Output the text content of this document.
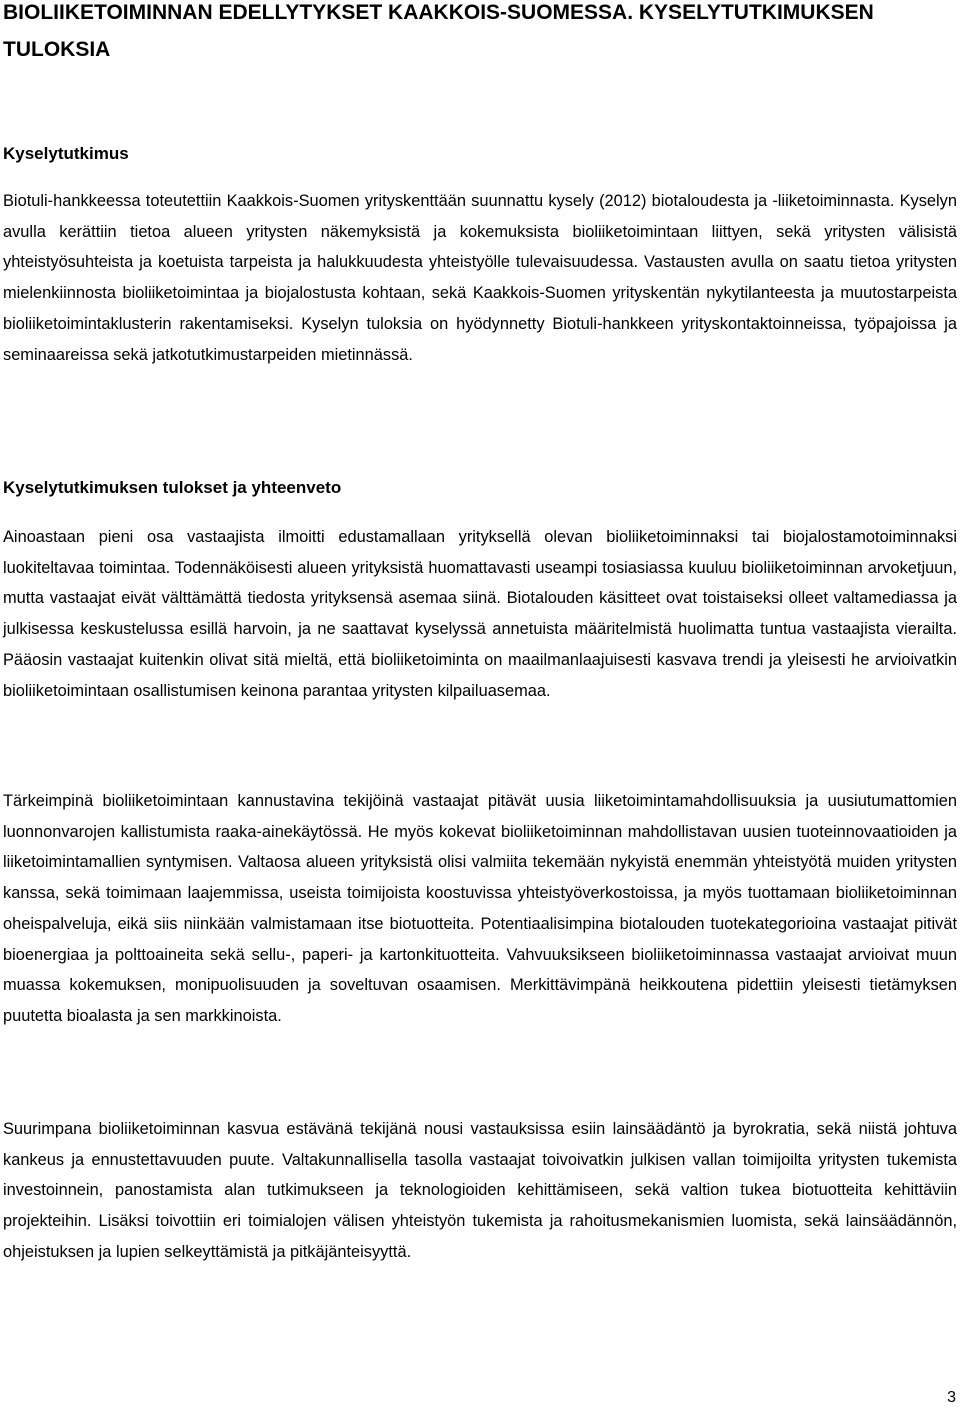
BIOLIIKETOIMINNAN EDELLYTYKSET KAAKKOIS-SUOMESSA. KYSELYTUTKIMUKSEN TULOKSIA
Kyselytutkimus

Biotuli-hankkeessa toteutettiin Kaakkois-Suomen yrityskenttään suunnattu kysely (2012) biotaloudesta ja -liiketoiminnasta. Kyselyn avulla kerättiin tietoa alueen yritysten näkemyksistä ja kokemuksista bioliiketoimintaan liittyen, sekä yritysten välisistä yhteistyösuhteista ja koetuista tarpeista ja halukkuudesta yhteistyölle tulevaisuudessa. Vastausten avulla on saatu tietoa yritysten mielenkiinnosta bioliiketoimintaa ja biojalostusta kohtaan, sekä Kaakkois-Suomen yrityskentän nykytilanteesta ja muutostarpeista bioliiketoimintaklusterin rakentamiseksi. Kyselyn tuloksia on hyödynnetty Biotuli-hankkeen yrityskontaktoinneissa, työpajoissa ja seminaareissa sekä jatkotutkimustarpeiden mietinnässä.

Kyselytutkimuksen tulokset ja yhteenveto

Ainoastaan pieni osa vastaajista ilmoitti edustamallaan yrityksellä olevan bioliiketoiminnaksi tai biojalostamotoiminnaksi luokiteltavaa toimintaa. Todennäköisesti alueen yrityksistä huomattavasti useampi tosiasiassa kuuluu bioliiketoiminnan arvoketjuun, mutta vastaajat eivät välttämättä tiedosta yrityksensä asemaa siinä. Biotalouden käsitteet ovat toistaiseksi olleet valtamediassa ja julkisessa keskustelussa esillä harvoin, ja ne saattavat kyselyssä annetuista määritelmistä huolimatta tuntua vastaajista vierailta. Pääosin vastaajat kuitenkin olivat sitä mieltä, että bioliiketoiminta on maailmanlaajuisesti kasvava trendi ja yleisesti he arvioivatkin bioliiketoimintaan osallistumisen keinona parantaa yritysten kilpailuasemaa.

Tärkeimpinä bioliiketoimintaan kannustavina tekijöinä vastaajat pitävät uusia liiketoimintamahdollisuuksia ja uusiutumattomien luonnonvarojen kallistumista raaka-ainekäytössä. He myös kokevat bioliiketoiminnan mahdollistavan uusien tuoteinnovaatioiden ja liiketoimintamallien syntymisen. Valtaosa alueen yrityksistä olisi valmiita tekemään nykyistä enemmän yhteistyötä muiden yritysten kanssa, sekä toimimaan laajemmissa, useista toimijoista koostuvissa yhteistyöverkostoissa, ja myös tuottamaan bioliiketoiminnan oheispalveluja, eikä siis niinkään valmistamaan itse biotuotteita. Potentiaalisimpina biotalouden tuotekategorioina vastaajat pitivät bioenergiaa ja polttoaineita sekä sellu-, paperi- ja kartonkituotteita. Vahvuuksikseen bioliiketoiminnassa vastaajat arvioivat muun muassa kokemuksen, monipuolisuuden ja soveltuvan osaamisen. Merkittävimpänä heikkoutena pidettiin yleisesti tietämyksen puutetta bioalasta ja sen markkinoista.

Suurimpana bioliiketoiminnan kasvua estävänä tekijänä nousi vastauksissa esiin lainsäädäntö ja byrokratia, sekä niistä johtuva kankeus ja ennustettavuuden puute. Valtakunnallisella tasolla vastaajat toivoivatkin julkisen vallan toimijoilta yritysten tukemista investoinnein, panostamista alan tutkimukseen ja teknologioiden kehittämiseen, sekä valtion tukea biotuotteita kehittäviin projekteihin. Lisäksi toivottiin eri toimialojen välisen yhteistyön tukemista ja rahoitusmekanismien luomista, sekä lainsäädännön, ohjeistuksen ja lupien selkeyttämistä ja pitkäjänteisyyttä.

3
